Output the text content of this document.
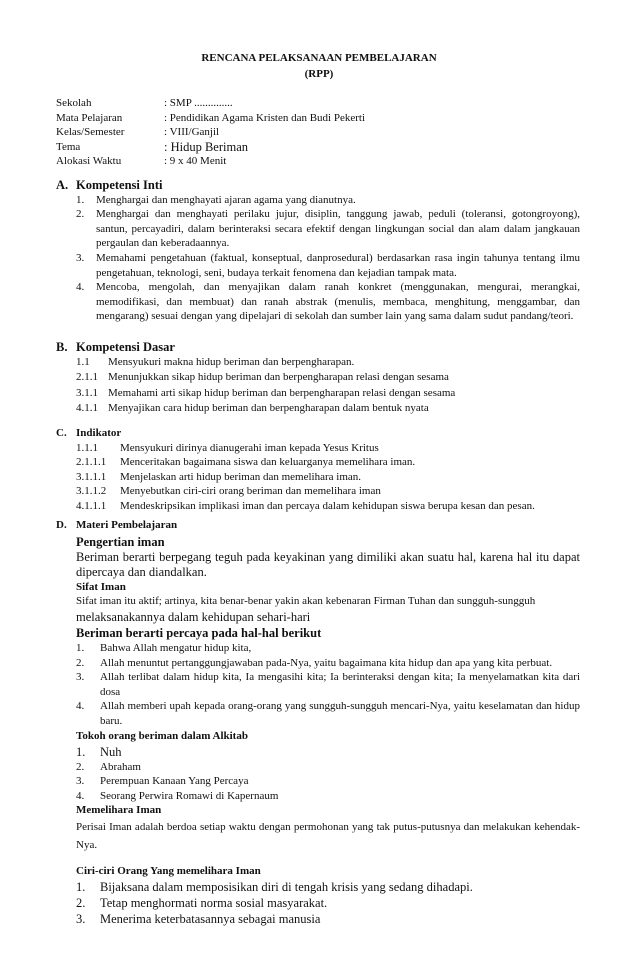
RENCANA PELAKSANAAN PEMBELAJARAN
(RPP)
Sekolah	: SMP ..............
Mata Pelajaran	: Pendidikan Agama Kristen dan Budi Pekerti
Kelas/Semester	: VIII/Ganjil
Tema	: Hidup Beriman
Alokasi Waktu	: 9 x 40 Menit
A. Kompetensi Inti
1.	Menghargai dan menghayati ajaran agama yang dianutnya.
2.	Menghargai dan menghayati perilaku jujur, disiplin, tanggung jawab, peduli (toleransi, gotongroyong), santun, percayadiri, dalam berinteraksi secara efektif dengan lingkungan social dan alam dalam jangkauan pergaulan dan keberadaannya.
3.	Memahami pengetahuan (faktual, konseptual, danprosedural) berdasarkan rasa ingin tahunya tentang ilmu pengetahuan, teknologi, seni, budaya terkait fenomena dan kejadian tampak mata.
4.	Mencoba, mengolah, dan menyajikan dalam ranah konkret (menggunakan, mengurai, merangkai, memodifikasi, dan membuat) dan ranah abstrak (menulis, membaca, menghitung, menggambar, dan mengarang) sesuai dengan yang dipelajari di sekolah dan sumber lain yang sama dalam sudut pandang/teori.
B. Kompetensi Dasar
1.1	Mensyukuri makna hidup beriman dan berpengharapan.
2.1.1 Menunjukkan sikap hidup beriman dan berpengharapan relasi dengan sesama
3.1.1 Memahami arti sikap hidup beriman dan berpengharapan relasi dengan sesama
4.1.1 Menyajikan cara hidup beriman dan berpengharapan dalam bentuk nyata
C. Indikator
1.1.1	Mensyukuri dirinya dianugerahi iman kepada Yesus Kritus
2.1.1.1	Menceritakan bagaimana siswa dan keluarganya memelihara iman.
3.1.1.1	Menjelaskan arti hidup beriman dan memelihara iman.
3.1.1.2	Menyebutkan ciri-ciri orang beriman dan memelihara iman
4.1.1.1	Mendeskripsikan implikasi iman dan percaya dalam kehidupan siswa berupa kesan dan pesan.
D. Materi Pembelajaran
Pengertian iman
Beriman berarti berpegang teguh pada keyakinan yang dimiliki akan suatu hal, karena hal itu dapat dipercaya dan diandalkan.
Sifat Iman
Sifat iman itu aktif; artinya, kita benar-benar yakin akan kebenaran Firman Tuhan dan sungguh-sungguh
melaksanakannya dalam kehidupan sehari-hari
Beriman berarti percaya pada hal-hal berikut
1.	Bahwa Allah mengatur hidup kita,
2.	Allah menuntut pertanggungjawaban pada-Nya, yaitu bagaimana kita hidup dan apa yang kita perbuat.
3.	Allah terlibat dalam hidup kita, Ia mengasihi kita; Ia berinteraksi dengan kita; Ia menyelamatkan kita dari dosa
4.	Allah memberi upah kepada orang-orang yang sungguh-sungguh mencari-Nya, yaitu keselamatan dan hidup baru.
Tokoh orang beriman dalam Alkitab
1.	Nuh
2.	Abraham
3.	Perempuan Kanaan Yang Percaya
4.	Seorang Perwira Romawi di Kapernaum
Memelihara Iman
Perisai Iman adalah berdoa setiap waktu dengan permohonan yang tak putus-putusnya dan melakukan kehendak-Nya.
Ciri-ciri Orang Yang memelihara Iman
1.	Bijaksana dalam memposisikan diri di tengah krisis yang sedang dihadapi.
2.	Tetap menghormati norma sosial masyarakat.
3.	Menerima keterbatasannya sebagai manusia
